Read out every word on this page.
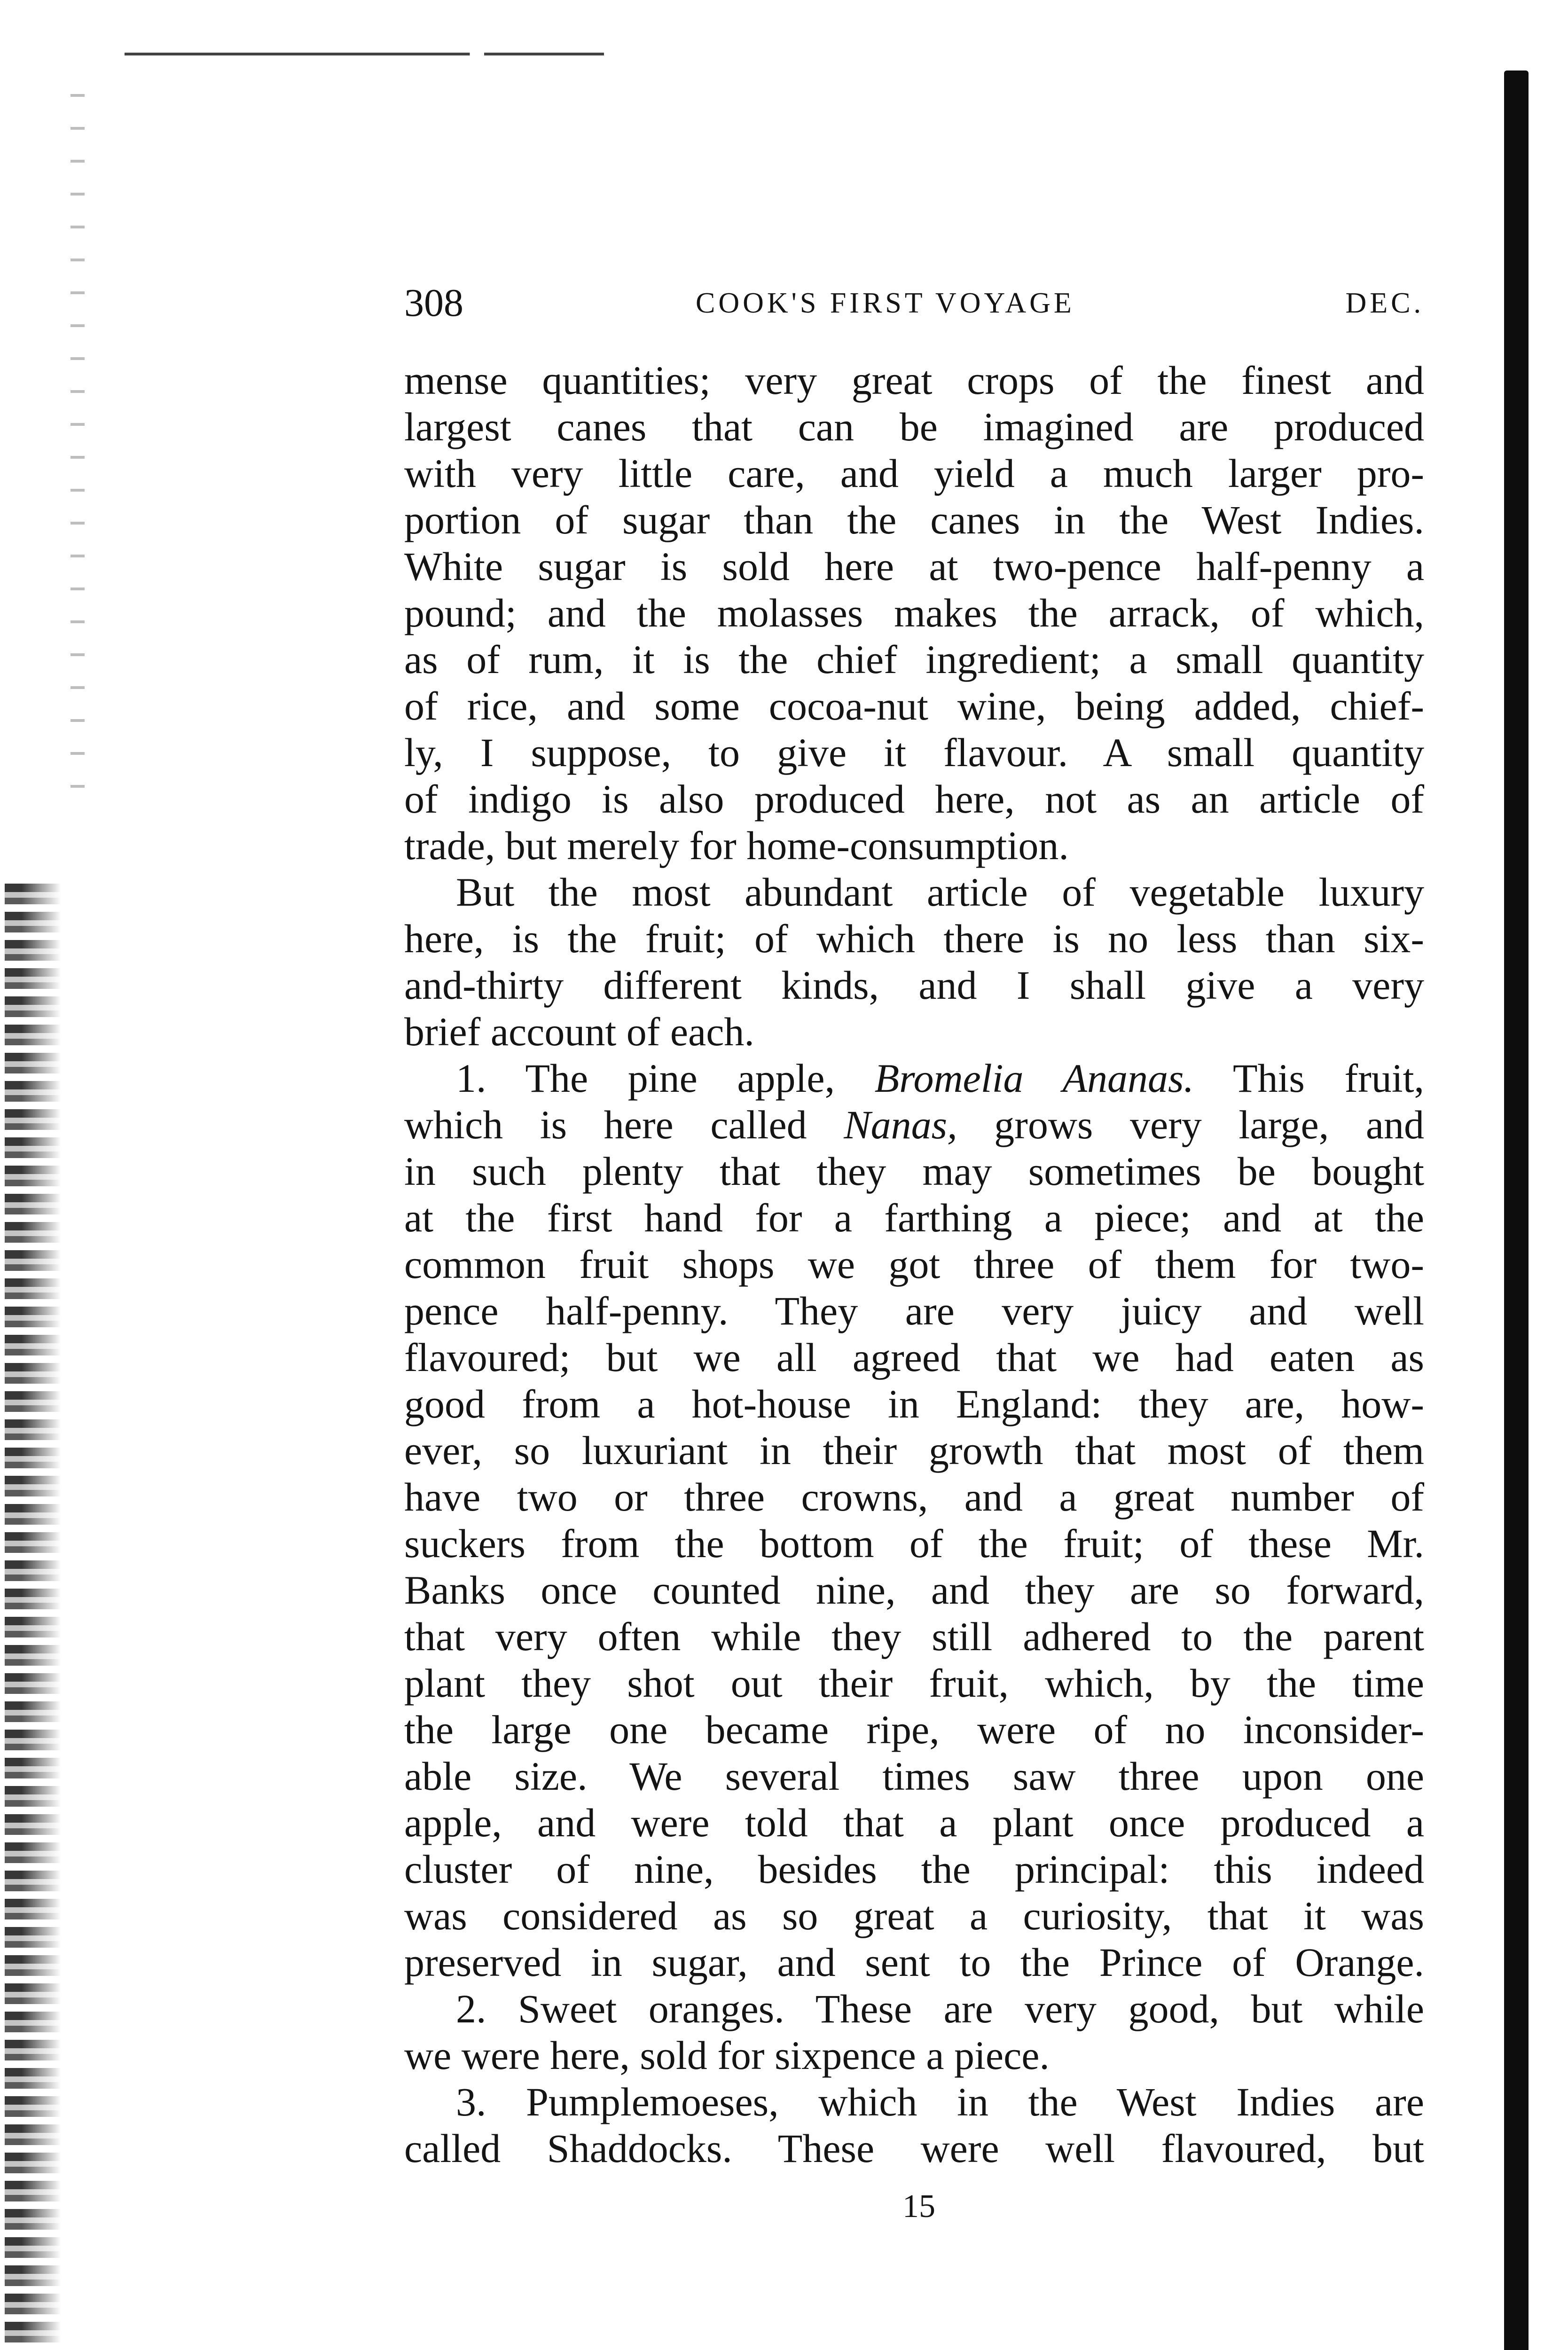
308	COOK'S FIRST VOYAGE	DEC.
mense quantities; very great crops of the finest and
largest canes that can be imagined are produced
with very little care, and yield a much larger pro-
portion of sugar than the canes in the West Indies.
White sugar is sold here at two-pence half-penny a
pound; and the molasses makes the arrack, of which,
as of rum, it is the chief ingredient; a small quantity
of rice, and some cocoa-nut wine, being added, chief-
ly, I suppose, to give it flavour. A small quantity
of indigo is also produced here, not as an article of
trade, but merely for home-consumption.
But the most abundant article of vegetable luxury
here, is the fruit; of which there is no less than six-
and-thirty different kinds, and I shall give a very
brief account of each.
1. The pine apple, Bromelia Ananas. This fruit,
which is here called Nanas, grows very large, and
in such plenty that they may sometimes be bought
at the first hand for a farthing a piece; and at the
common fruit shops we got three of them for two-
pence half-penny. They are very juicy and well
flavoured; but we all agreed that we had eaten as
good from a hot-house in England: they are, how-
ever, so luxuriant in their growth that most of them
have two or three crowns, and a great number of
suckers from the bottom of the fruit; of these Mr.
Banks once counted nine, and they are so forward,
that very often while they still adhered to the parent
plant they shot out their fruit, which, by the time
the large one became ripe, were of no inconsider-
able size. We several times saw three upon one
apple, and were told that a plant once produced a
cluster of nine, besides the principal: this indeed
was considered as so great a curiosity, that it was
preserved in sugar, and sent to the Prince of Orange.
2. Sweet oranges. These are very good, but while
we were here, sold for sixpence a piece.
3. Pumplemoeses, which in the West Indies are
called Shaddocks. These were well flavoured, but
15
